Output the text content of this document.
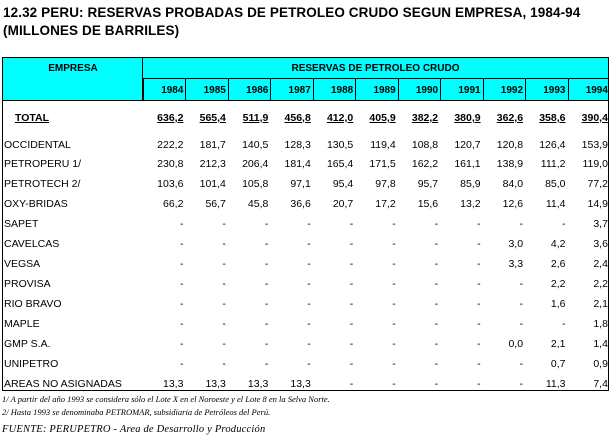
12.32 PERU: RESERVAS PROBADAS DE PETROLEO CRUDO SEGUN EMPRESA, 1984-94
(MILLONES DE BARRILES)
EMPRESA	RESERVAS DE PETROLEO CRUDO
1984	1985	1986	1987	1988	1989	1990	1991	1992	1993	1994
TOTAL	636,2	565,4	511,9	456,8	412,0	405,9	382,2	380,9	362,6	358,6	390,4
OCCIDENTAL	222,2	181,7	140,5	128,3	130,5	119,4	108,8	120,7	120,8	126,4	153,9
PETROPERU 1/	230,8	212,3	206,4	181,4	165,4	171,5	162,2	161,1	138,9	111,2	119,0
PETROTECH 2/	103,6	101,4	105,8	97,1	95,4	97,8	95,7	85,9	84,0	85,0	77,2
OXY-BRIDAS	66,2	56,7	45,8	36,6	20,7	17,2	15,6	13,2	12,6	11,4	14,9
SAPET	-	-	-	-	-	-	-	-	-	-	3,7
CAVELCAS	-	-	-	-	-	-	-	-	3,0	4,2	3,6
VEGSA	-	-	-	-	-	-	-	-	3,3	2,6	2,4
PROVISA	-	-	-	-	-	-	-	-	-	2,2	2,2
RIO BRAVO	-	-	-	-	-	-	-	-	-	1,6	2,1
MAPLE	-	-	-	-	-	-	-	-	-	-	1,8
GMP S.A.	-	-	-	-	-	-	-	-	0,0	2,1	1,4
UNIPETRO	-	-	-	-	-	-	-	-	-	0,7	0,9
AREAS NO ASIGNADAS	13,3	13,3	13,3	13,3	-	-	-	-	-	11,3	7,4
1/ A partir del año 1993 se considera sólo el Lote X en el Noroeste y el Lote 8 en la Selva Norte.
2/ Hasta 1993 se denominaba PETROMAR, subsidiaria de Petróleos del Perú.
FUENTE: PERUPETRO - Area de Desarrollo y Producción
